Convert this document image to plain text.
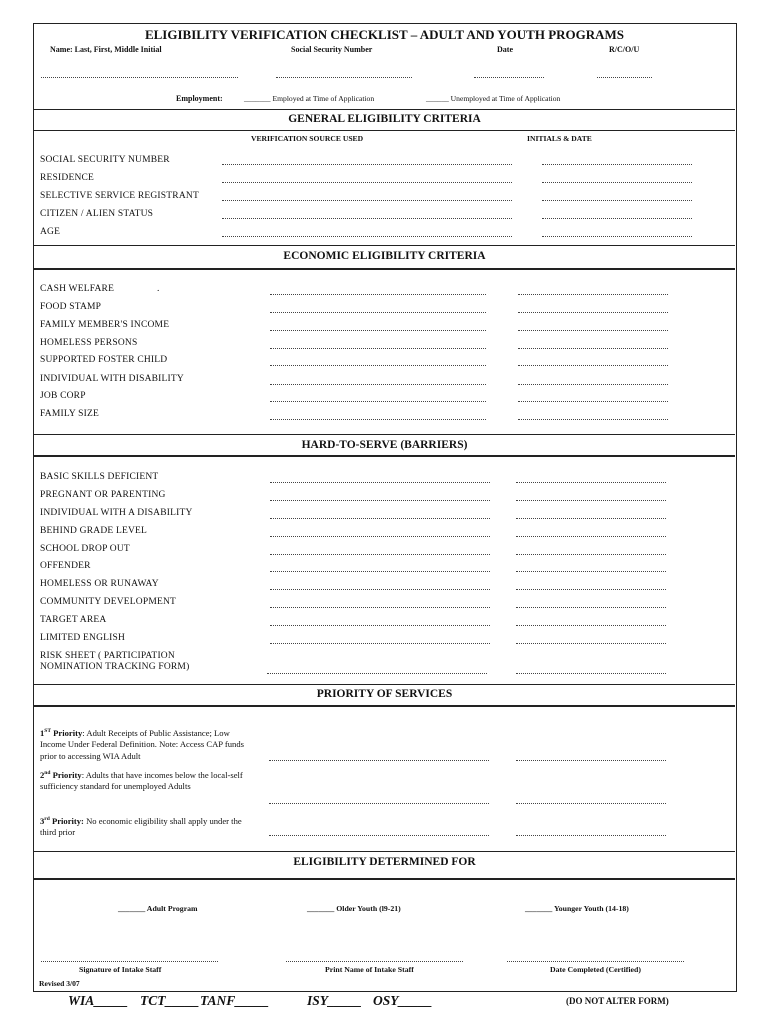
ELIGIBILITY VERIFICATION CHECKLIST – ADULT AND YOUTH PROGRAMS
Name: Last, First, Middle Initial	Social Security Number	Date	R/C/O/U
Employment:	_______ Employed at Time of Application	______ Unemployed at Time of Application
GENERAL ELIGIBILITY CRITERIA
VERIFICATION SOURCE USED	INITIALS & DATE
SOCIAL SECURITY NUMBER
RESIDENCE
SELECTIVE SERVICE REGISTRANT
CITIZEN / ALIEN STATUS
AGE
ECONOMIC ELIGIBILITY CRITERIA
CASH WELFARE	.
FOOD STAMP
FAMILY MEMBER'S INCOME
HOMELESS PERSONS
SUPPORTED FOSTER CHILD
INDIVIDUAL WITH DISABILITY
JOB CORP
FAMILY SIZE
HARD-TO-SERVE (BARRIERS)
BASIC SKILLS DEFICIENT
PREGNANT OR PARENTING
INDIVIDUAL WITH A DISABILITY
BEHIND GRADE LEVEL
SCHOOL DROP OUT
OFFENDER
HOMELESS OR RUNAWAY
COMMUNITY DEVELOPMENT
TARGET AREA
LIMITED ENGLISH
RISK SHEET ( PARTICIPATION
NOMINATION TRACKING FORM)
PRIORITY OF SERVICES
1ST Priority: Adult Receipts of Public Assistance; Low Income Under Federal Definition. Note: Access CAP funds prior to accessing WIA Adult
2nd Priority: Adults that have incomes below the local-self sufficiency standard for unemployed Adults
3rd Priority: No economic eligibility shall apply under the third prior
ELIGIBILITY DETERMINED FOR
_______ Adult Program	_______ Older Youth (l9-21)	_______ Younger Youth (14-18)
Signature of Intake Staff	Print Name of Intake Staff	Date Completed (Certified)
Revised 3/07
WIA_____ TCT_____ TANF_____	ISY_____ OSY_____	(DO NOT ALTER FORM)
